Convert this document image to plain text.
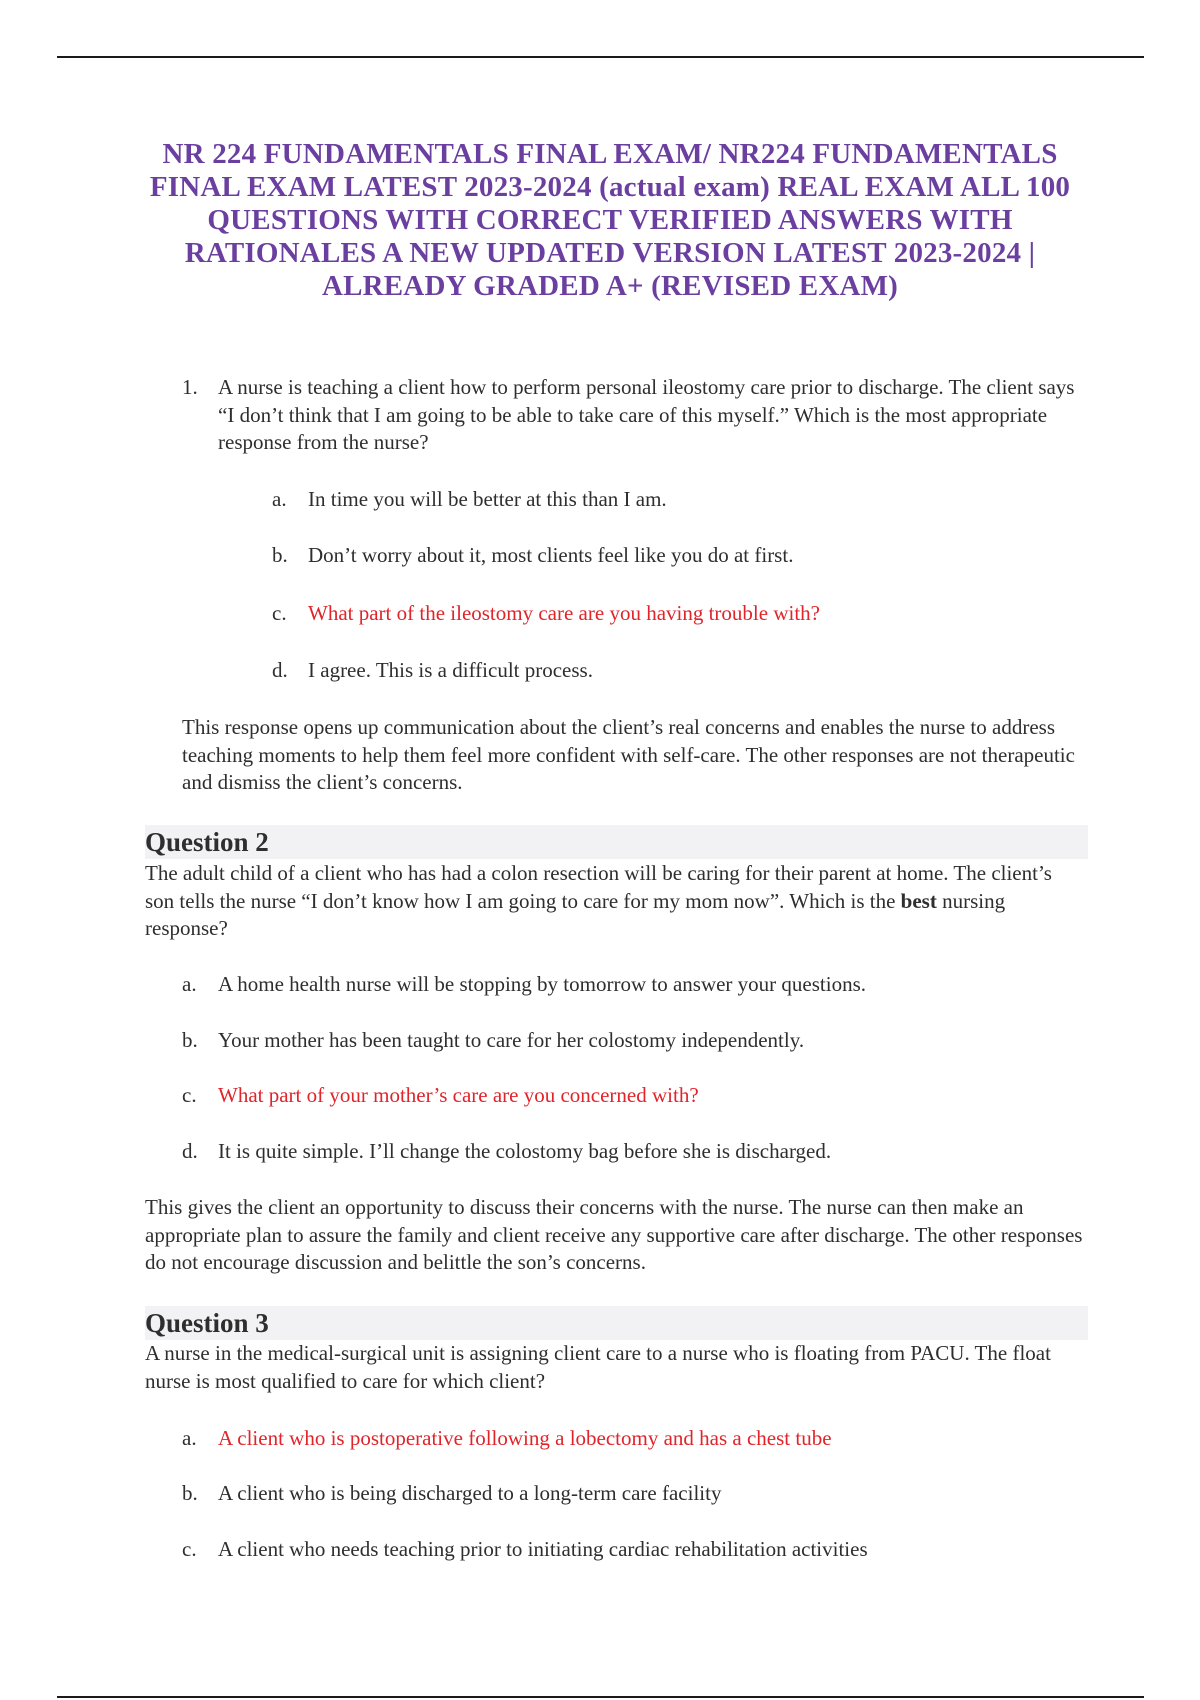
NR 224 FUNDAMENTALS FINAL EXAM/ NR224 FUNDAMENTALS FINAL EXAM LATEST 2023-2024 (actual exam) REAL EXAM ALL 100 QUESTIONS WITH CORRECT VERIFIED ANSWERS WITH RATIONALES A NEW UPDATED VERSION LATEST 2023-2024 | ALREADY GRADED A+ (REVISED EXAM)
1. A nurse is teaching a client how to perform personal ileostomy care prior to discharge. The client says “I don’t think that I am going to be able to take care of this myself.” Which is the most appropriate response from the nurse?
a. In time you will be better at this than I am.
b. Don’t worry about it, most clients feel like you do at first.
c. What part of the ileostomy care are you having trouble with?
d. I agree. This is a difficult process.
This response opens up communication about the client’s real concerns and enables the nurse to address teaching moments to help them feel more confident with self-care. The other responses are not therapeutic and dismiss the client’s concerns.
Question 2
The adult child of a client who has had a colon resection will be caring for their parent at home. The client’s son tells the nurse “I don’t know how I am going to care for my mom now”. Which is the best nursing response?
a. A home health nurse will be stopping by tomorrow to answer your questions.
b. Your mother has been taught to care for her colostomy independently.
c. What part of your mother’s care are you concerned with?
d. It is quite simple. I’ll change the colostomy bag before she is discharged.
This gives the client an opportunity to discuss their concerns with the nurse. The nurse can then make an appropriate plan to assure the family and client receive any supportive care after discharge. The other responses do not encourage discussion and belittle the son’s concerns.
Question 3
A nurse in the medical-surgical unit is assigning client care to a nurse who is floating from PACU. The float nurse is most qualified to care for which client?
a. A client who is postoperative following a lobectomy and has a chest tube
b. A client who is being discharged to a long-term care facility
c. A client who needs teaching prior to initiating cardiac rehabilitation activities
